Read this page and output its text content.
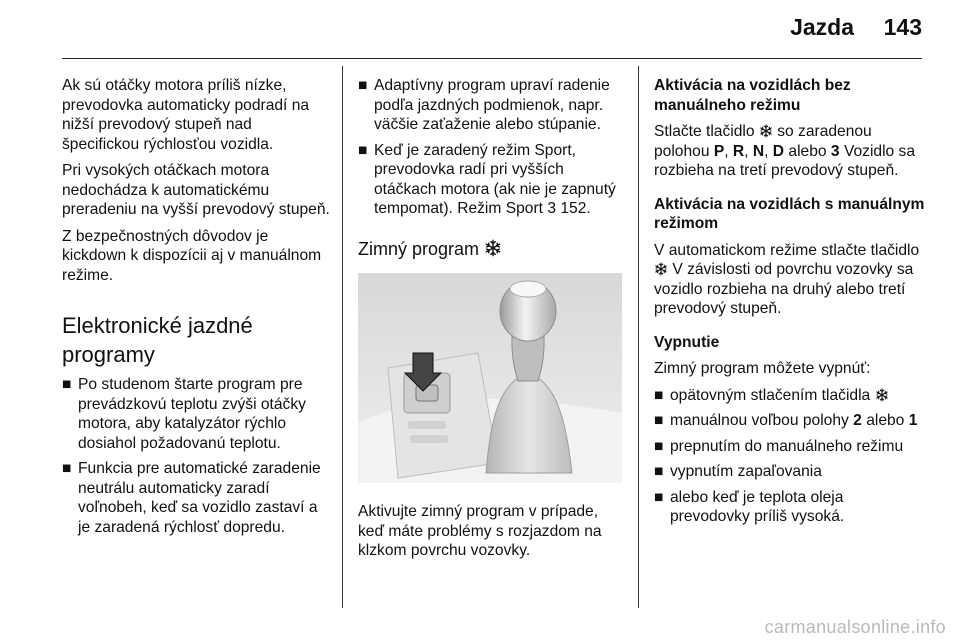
Jazda	143

Ak sú otáčky motora príliš nízke, prevodovka automaticky podradí na nižší prevodový stupeň nad špecifickou rýchlosťou vozidla.

Pri vysokých otáčkach motora nedochádza k automatickému preradeniu na vyšší prevodový stupeň.

Z bezpečnostných dôvodov je kickdown k dispozícii aj v manuálnom režime.

Elektronické jazdné programy
■ Po studenom štarte program pre prevádzkovú teplotu zvýši otáčky motora, aby katalyzátor rýchlo dosiahol požadovanú teplotu.
■ Funkcia pre automatické zaradenie neutrálu automaticky zaradí voľnobeh, keď sa vozidlo zastaví a je zaradená rýchlosť dopredu.
■ Adaptívny program upraví radenie podľa jazdných podmienok, napr. väčšie zaťaženie alebo stúpanie.
■ Keď je zaradený režim Sport, prevodovka radí pri vyšších otáčkach motora (ak nie je zapnutý tempomat). Režim Sport 3 152.
Zimný program

Aktivujte zimný program v prípade, keď máte problémy s rozjazdom na klzkom povrchu vozovky.

Aktivácia na vozidlách bez manuálneho režimu

Stlačte tlačidlo so zaradenou polohou P, R, N, D alebo 3 Vozidlo sa rozbieha na tretí prevodový stupeň.

Aktivácia na vozidlách s manuálnym režimom

V automatickom režime stlačte tlačidlo  V závislosti od povrchu vozovky sa vozidlo rozbieha na druhý alebo tretí prevodový stupeň.

Vypnutie

Zimný program môžete vypnúť:

■ opätovným stlačením tlačidla
■ manuálnou voľbou polohy 2 alebo 1
■ prepnutím do manuálneho režimu
■ vypnutím zapaľovania
■ alebo keď je teplota oleja prevodovky príliš vysoká.
carmanualsonline.info
